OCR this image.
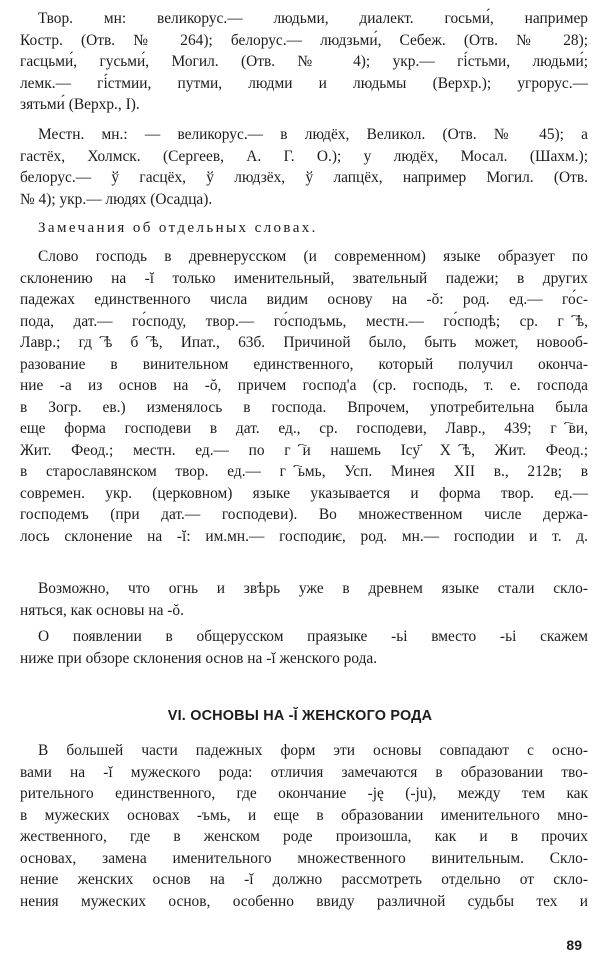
Твор. мн: великорус.— людьми, диалект. гоcьми́, например
Костр. (Отв. № 264); белорус.— людзьми́, Себеж. (Отв. № 28);
гасцьми́, гусьми́, Могил. (Отв. № 4); укр.— гі́стьми, людьми́;
лемк.— гі́стмии, путми, людми и людьмы (Верхр.); угрорус.—
зятьми́ (Верхр., I).
Местн. мн.: — великорус.— в людёх, Великол. (Отв. № 45); а
гастёх, Холмск. (Сергеев, А. Г. О.); у людёх, Мосал. (Шахм.);
белорус.— ў гасцёх, ў людзёх, ў лапцёх, например Могил. (Отв.
№ 4); укр.— людях (Осадца).
Замечания об отдельных словах.
Слово господь в древнерусском (и современном) языке образует по
склонению на -ĭ только именительный, звательный падежи; в других
падежах единственного числа видим основу на -ŏ: род. ед.— го́с-
пода, дат.— го́споду, твор.— го́сподъмь, местн.— го́сподѣ; ср. гⷭ҇ѣ,
Лавр.; гдⷭ҇ѣ бⷯ҇ѣ, Ипат., 63б. Причиной было, быть может, новооб-
разование в винительном единственного, который получил оконча-
ние -а из основ на -ŏ, причем господ'а (ср. господь, т. е. господа
в Зогр. ев.) изменялось в господа. Впрочем, употребительна была
еще форма господеви в дат. ед., ср. господеви, Лавр., 439; гⷭ҇ви,
Жит. Феод.; местн. ед.— по гⷭ҇и нашемь Ісу҃ Хⷭ҇ѣ, Жит. Феод.;
в старославянском твор. ед.— гⷭ҇ьмь, Усп. Минея XII в., 212в; в
современ. укр. (церковном) языке указывается и форма твор. ед.—
господемъ (при дат.— господеви). Во множественном числе держа-
лось склонение на -ĭ: им.мн.— господиѥ, род. мн.— господии и т. д.
Возможно, что огнь и звѣрь уже в древнем языке стали скло-
няться, как основы на -ŏ.
О появлении в общерусском праязыке -ьі вместо -ьі скажем
ниже при обзоре склонения основ на -ĭ женского рода.
VI. ОСНОВЫ НА -Ĭ ЖЕНСКОГО РОДА
В большей части падежных форм эти основы совпадают с осно-
вами на -ĭ мужеского рода: отличия замечаются в образовании тво-
рительного единственного, где окончание -ję (-ju), между тем как
в мужеских основах -ъмь, и еще в образовании именительного мно-
жественного, где в женском роде произошла, как и в прочих
основах, замена именительного множественного винительным. Скло-
нение женских основ на -ĭ должно рассмотреть отдельно от скло-
нения мужеских основ, особенно ввиду различной судьбы тех и
89
